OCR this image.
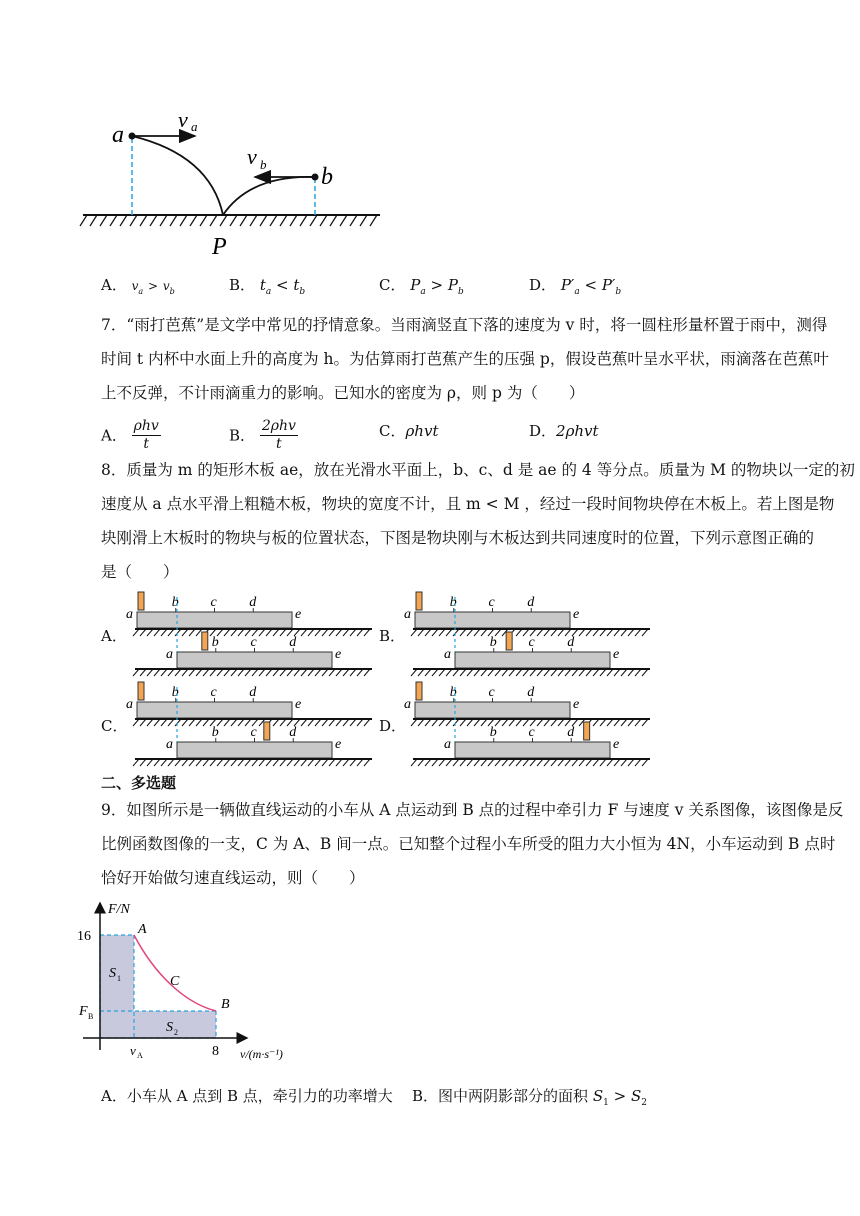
a
v a
b
v b
P
A． $v_a > v_b$	B． $t_a < t_b$	C． $P_a > P_b$	D． $P'_a < P'_b$
7．“雨打芭蕉”是文学中常见的抒情意象。当雨滴竖直下落的速度为 v 时，将一圆柱形量杯置于雨中，测得
时间 t 内杯中水面上升的高度为 h。为估算雨打芭蕉产生的压强 p，假设芭蕉叶呈水平状，雨滴落在芭蕉叶
上不反弹，不计雨滴重力的影响。已知水的密度为 ρ，则 p 为（　　）
A． $\frac{\text{ρhv}}{t}$	B． $\frac{\text{2ρhv}}{t}$	C．ρhvt	D．2ρhvt
8．质量为 m 的矩形木板 ae，放在光滑水平面上，b、c、d 是 ae 的 4 等分点。质量为 M 的物块以一定的初
速度从 a 点水平滑上粗糙木板，物块的宽度不计，且 m < M ，经过一段时间物块停在木板上。若上图是物
块刚滑上木板时的物块与板的位置状态，下图是物块刚与木板达到共同速度时的位置，下列示意图正确的
是（　　）
A．	B．
C．	D．
a
b c d
e
a
b c d
e
a
b c d
e
a
b c d
e
a
b c d
e
a
b c d
e
a
b c d
e
a
b c d
e
二、多选题
9．如图所示是一辆做直线运动的小车从 A 点运动到 B 点的过程中牵引力 F 与速度 v 关系图像，该图像是反
比例函数图像的一支，C 为 A、B 间一点。已知整个过程小车所受的阻力大小恒为 4N，小车运动到 B 点时
恰好开始做匀速直线运动，则（　　）
F/N
16
F B
v A	8 v/(m·s⁻¹)
A
B
C
S 1
S 2
A．小车从 A 点到 B 点，牵引力的功率增大 B．图中两阴影部分的面积 $S_1 > S_2$
